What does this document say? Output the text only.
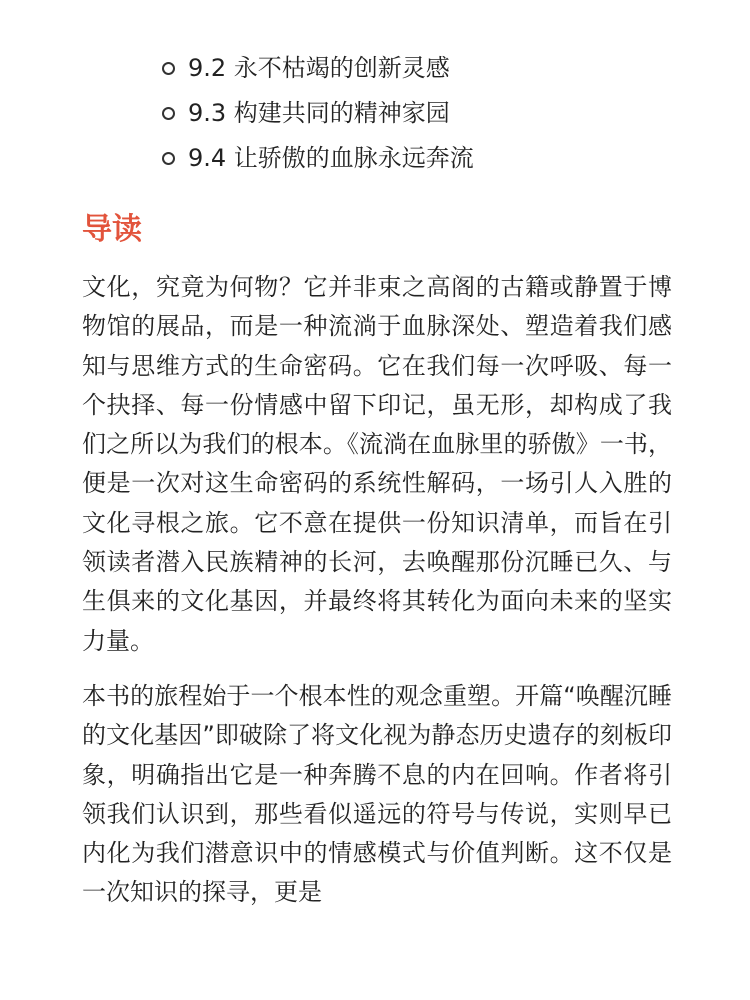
9.2 永不枯竭的创新灵感
9.3 构建共同的精神家园
9.4 让骄傲的血脉永远奔流
导读

文化，究竟为何物？它并非束之高阁的古籍或静置于博物馆的展品，而是一种流淌于血脉深处、塑造着我们感知与思维方式的生命密码。它在我们每一次呼吸、每一个抉择、每一份情感中留下印记，虽无形，却构成了我们之所以为我们的根本。《流淌在血脉里的骄傲》一书，便是一次对这生命密码的系统性解码，一场引人入胜的文化寻根之旅。它不意在提供一份知识清单，而旨在引领读者潜入民族精神的长河，去唤醒那份沉睡已久、与生俱来的文化基因，并最终将其转化为面向未来的坚实力量。

本书的旅程始于一个根本性的观念重塑。开篇“唤醒沉睡的文化基因”即破除了将文化视为静态历史遗存的刻板印象，明确指出它是一种奔腾不息的内在回响。作者将引领我们认识到，那些看似遥远的符号与传说，实则早已内化为我们潜意识中的情感模式与价值判断。这不仅是一次知识的探寻，更是
